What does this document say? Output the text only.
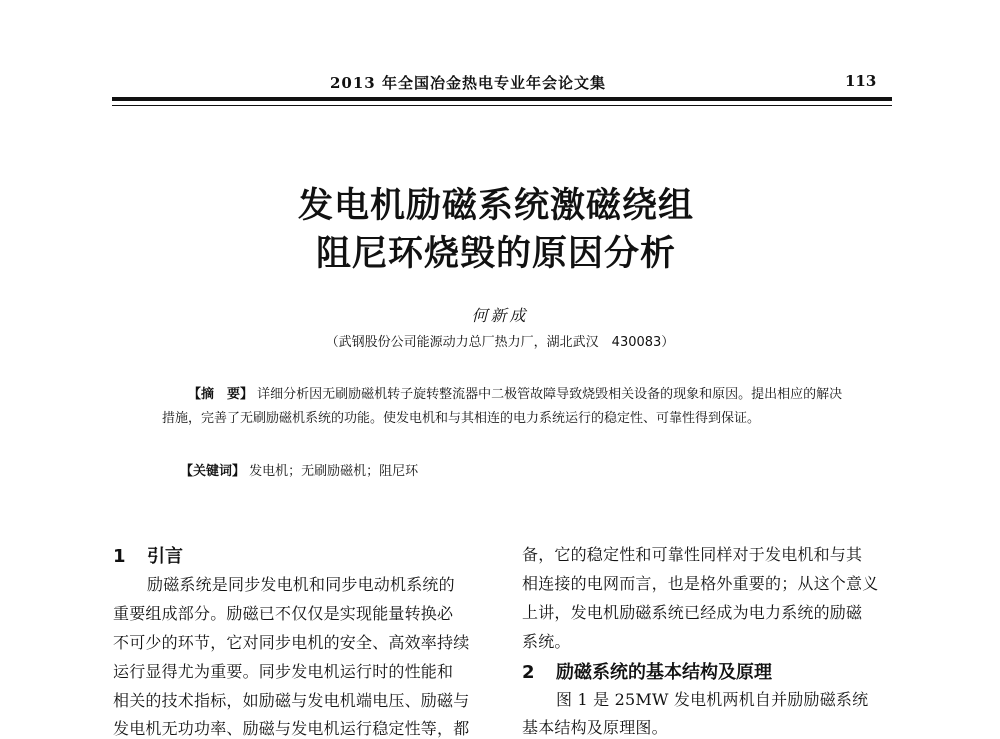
2013 年全国冶金热电专业年会论文集	113
发电机励磁系统激磁绕组
阻尼环烧毁的原因分析
何新成
（武钢股份公司能源动力总厂热力厂，湖北武汉　430083）

【摘　要】 详细分析因无刷励磁机转子旋转整流器中二极管故障导致烧毁相关设备的现象和原因。提出相应的解决措施，完善了无刷励磁机系统的功能。使发电机和与其相连的电力系统运行的稳定性、可靠性得到保证。

【关键词】 发电机；无刷励磁机；阻尼环
1 引言
励磁系统是同步发电机和同步电动机系统的
重要组成部分。励磁已不仅仅是实现能量转换必
不可少的环节，它对同步电机的安全、高效率持续
运行显得尤为重要。同步发电机运行时的性能和
相关的技术指标，如励磁与发电机端电压、励磁与
发电机无功功率、励磁与发电机运行稳定性等，都
备，它的稳定性和可靠性同样对于发电机和与其
相连接的电网而言，也是格外重要的；从这个意义
上讲，发电机励磁系统已经成为电力系统的励磁
系统。
2 励磁系统的基本结构及原理
图 1 是 25MW 发电机两机自并励励磁系统
基本结构及原理图。
